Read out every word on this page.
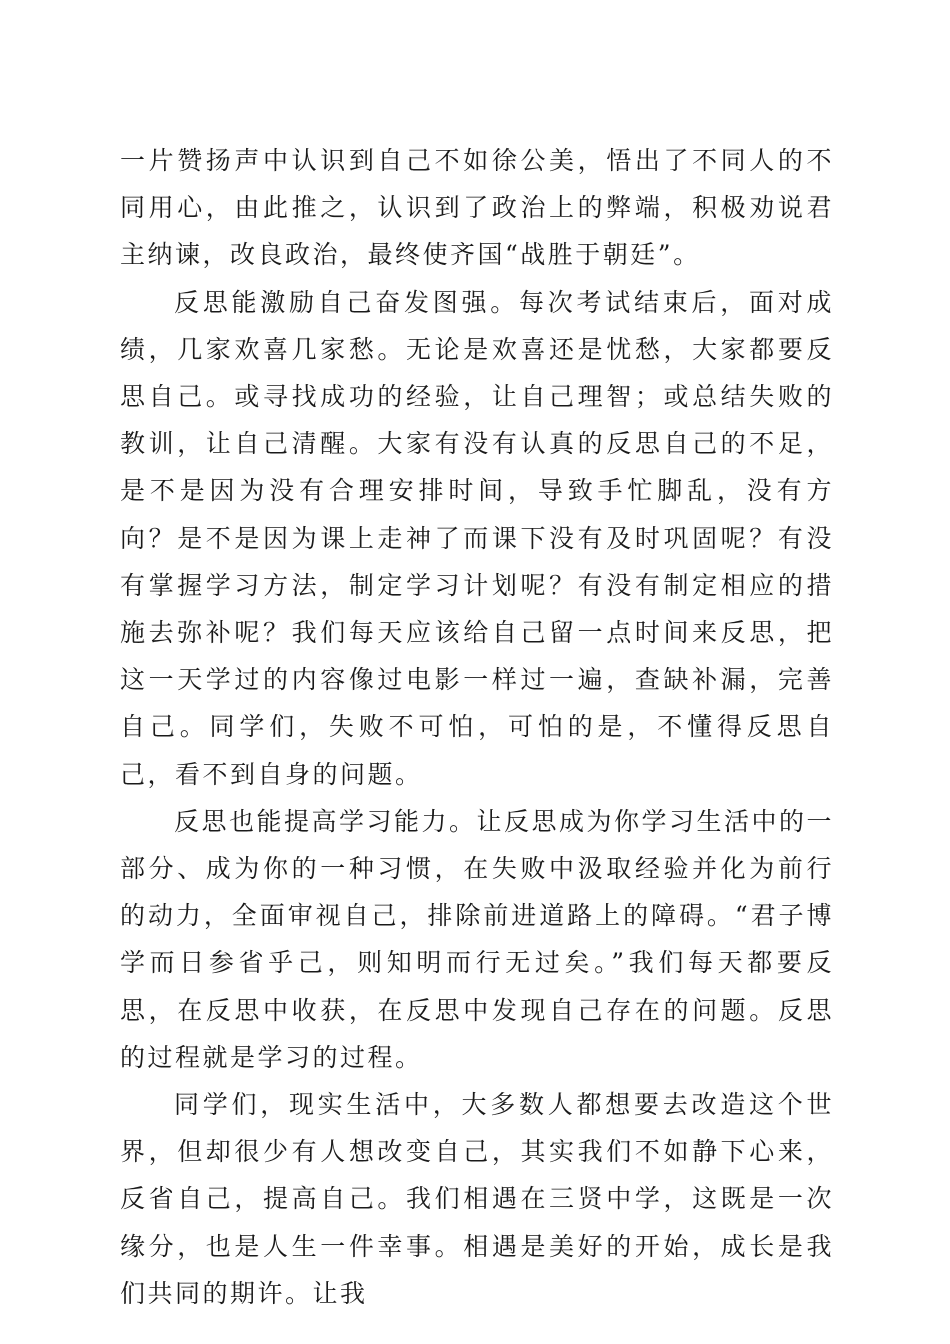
一片赞扬声中认识到自己不如徐公美，悟出了不同人的不同用心，由此推之，认识到了政治上的弊端，积极劝说君主纳谏，改良政治，最终使齐国“战胜于朝廷”。

反思能激励自己奋发图强。每次考试结束后，面对成绩，几家欢喜几家愁。无论是欢喜还是忧愁，大家都要反思自己。或寻找成功的经验，让自己理智；或总结失败的教训，让自己清醒。大家有没有认真的反思自己的不足，是不是因为没有合理安排时间，导致手忙脚乱，没有方向？是不是因为课上走神了而课下没有及时巩固呢？有没有掌握学习方法，制定学习计划呢？有没有制定相应的措施去弥补呢？我们每天应该给自己留一点时间来反思，把这一天学过的内容像过电影一样过一遍，查缺补漏，完善自己。同学们，失败不可怕，可怕的是，不懂得反思自己，看不到自身的问题。

反思也能提高学习能力。让反思成为你学习生活中的一部分、成为你的一种习惯，在失败中汲取经验并化为前行的动力，全面审视自己，排除前进道路上的障碍。“君子博学而日参省乎己，则知明而行无过矣。”我们每天都要反思，在反思中收获，在反思中发现自己存在的问题。反思的过程就是学习的过程。

同学们，现实生活中，大多数人都想要去改造这个世界，但却很少有人想改变自己，其实我们不如静下心来，反省自己，提高自己。我们相遇在三贤中学，这既是一次缘分，也是人生一件幸事。相遇是美好的开始，成长是我们共同的期许。让我
